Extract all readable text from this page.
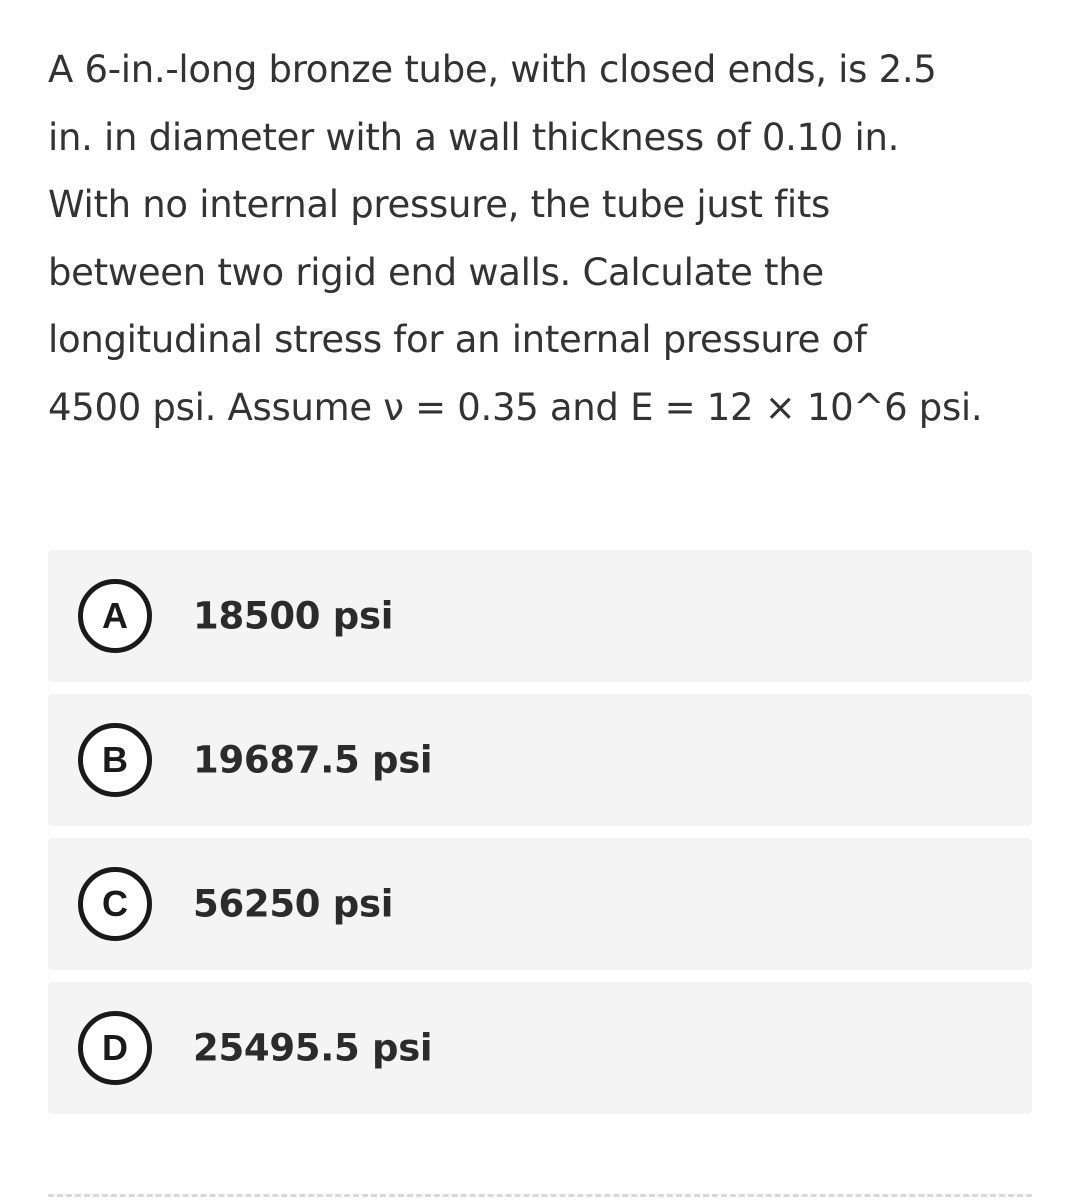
A 6-in.-long bronze tube, with closed ends, is 2.5
in. in diameter with a wall thickness of 0.10 in.
With no internal pressure, the tube just fits
between two rigid end walls. Calculate the
longitudinal stress for an internal pressure of
4500 psi. Assume ν = 0.35 and E = 12 × 10^6 psi.
A	18500 psi
B	19687.5 psi
C	56250 psi
D	25495.5 psi
